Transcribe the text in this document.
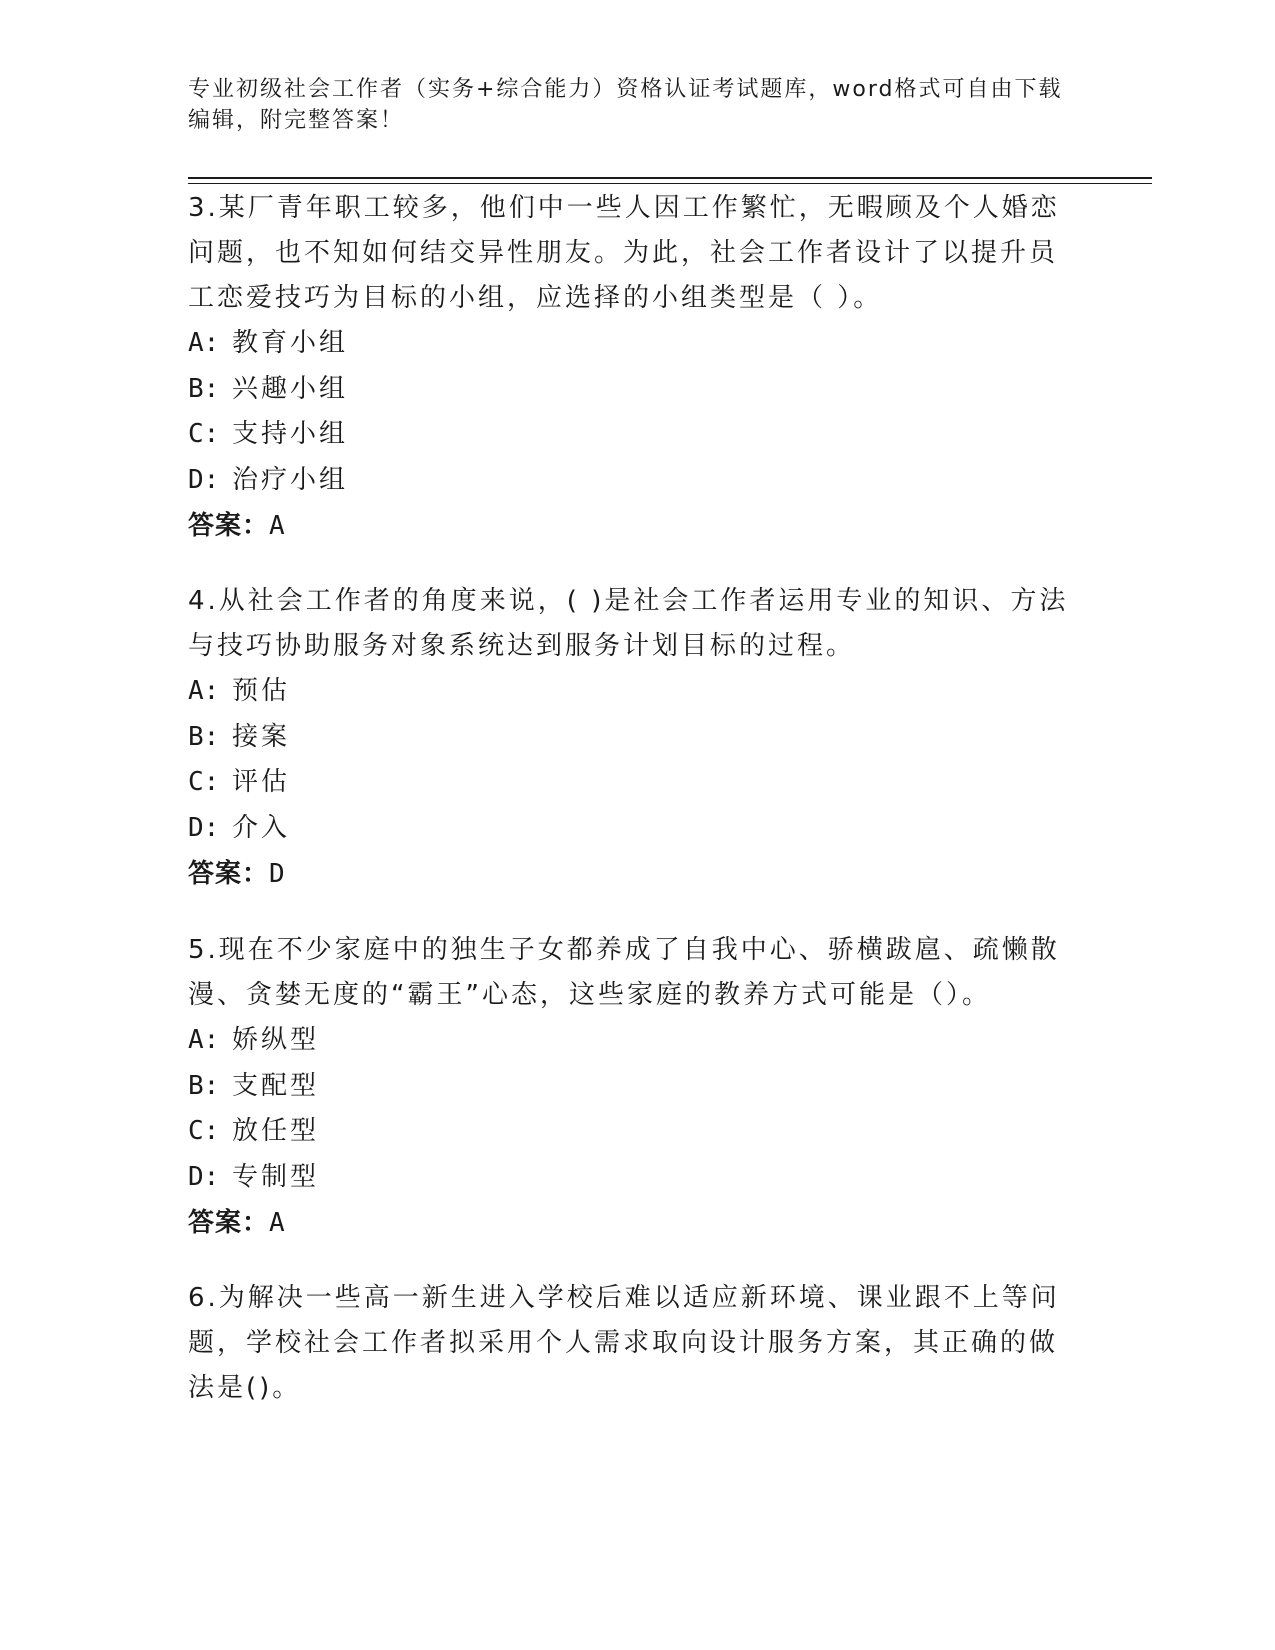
专业初级社会工作者（实务+综合能力）资格认证考试题库，word格式可自由下载
编辑，附完整答案！
3.某厂青年职工较多，他们中一些人因工作繁忙，无暇顾及个人婚恋
问题，也不知如何结交异性朋友。为此，社会工作者设计了以提升员
工恋爱技巧为目标的小组，应选择的小组类型是（ ）。
A: 教育小组
B: 兴趣小组
C: 支持小组
D: 治疗小组
答案：A
4.从社会工作者的角度来说，( )是社会工作者运用专业的知识、方法
与技巧协助服务对象系统达到服务计划目标的过程。
A: 预估
B: 接案
C: 评估
D: 介入
答案：D
5.现在不少家庭中的独生子女都养成了自我中心、骄横跋扈、疏懒散
漫、贪婪无度的“霸王”心态，这些家庭的教养方式可能是（）。
A: 娇纵型
B: 支配型
C: 放任型
D: 专制型
答案：A
6.为解决一些高一新生进入学校后难以适应新环境、课业跟不上等问
题，学校社会工作者拟采用个人需求取向设计服务方案，其正确的做
法是()。
